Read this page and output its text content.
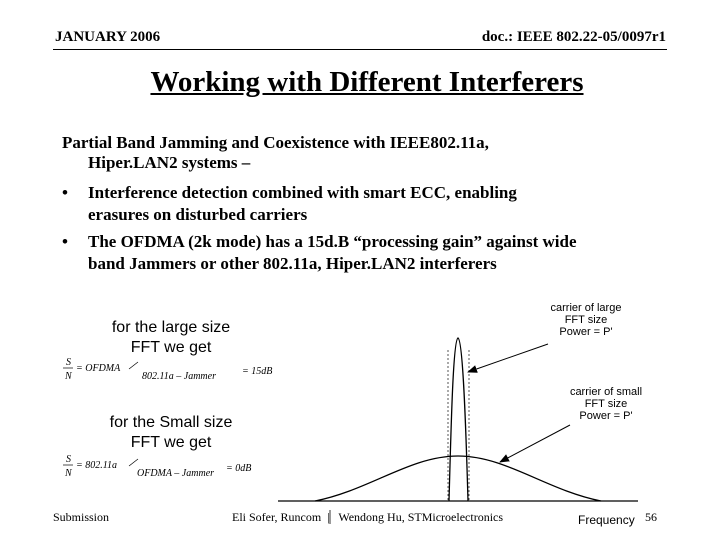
JANUARY 2006	doc.: IEEE 802.22-05/0097r1
Working with Different Interferers
Partial Band Jamming and Coexistence with IEEE802.11a,
Hiper.LAN2 systems –
• Interference detection combined with smart ECC, enabling
erasures on disturbed carriers
• The OFDMA (2k mode) has a 15d.B “processing gain” against wide
band Jammers or other 802.11a, Hiper.LAN2 interferers
for the large size
FFT we get
for the Small size
FFT we get
S
N
= OFDMA
802.11a – Jammer	= 15dB
S
N
= 802.11a
OFDMA – Jammer = 0dB
carrier of large
FFT size
Power = P'
carrier of small
FFT size
Power = P'
Frequency
Submission	Eli Sofer, Runcom  |   Wendong Hu, STMicroelectronics	56
